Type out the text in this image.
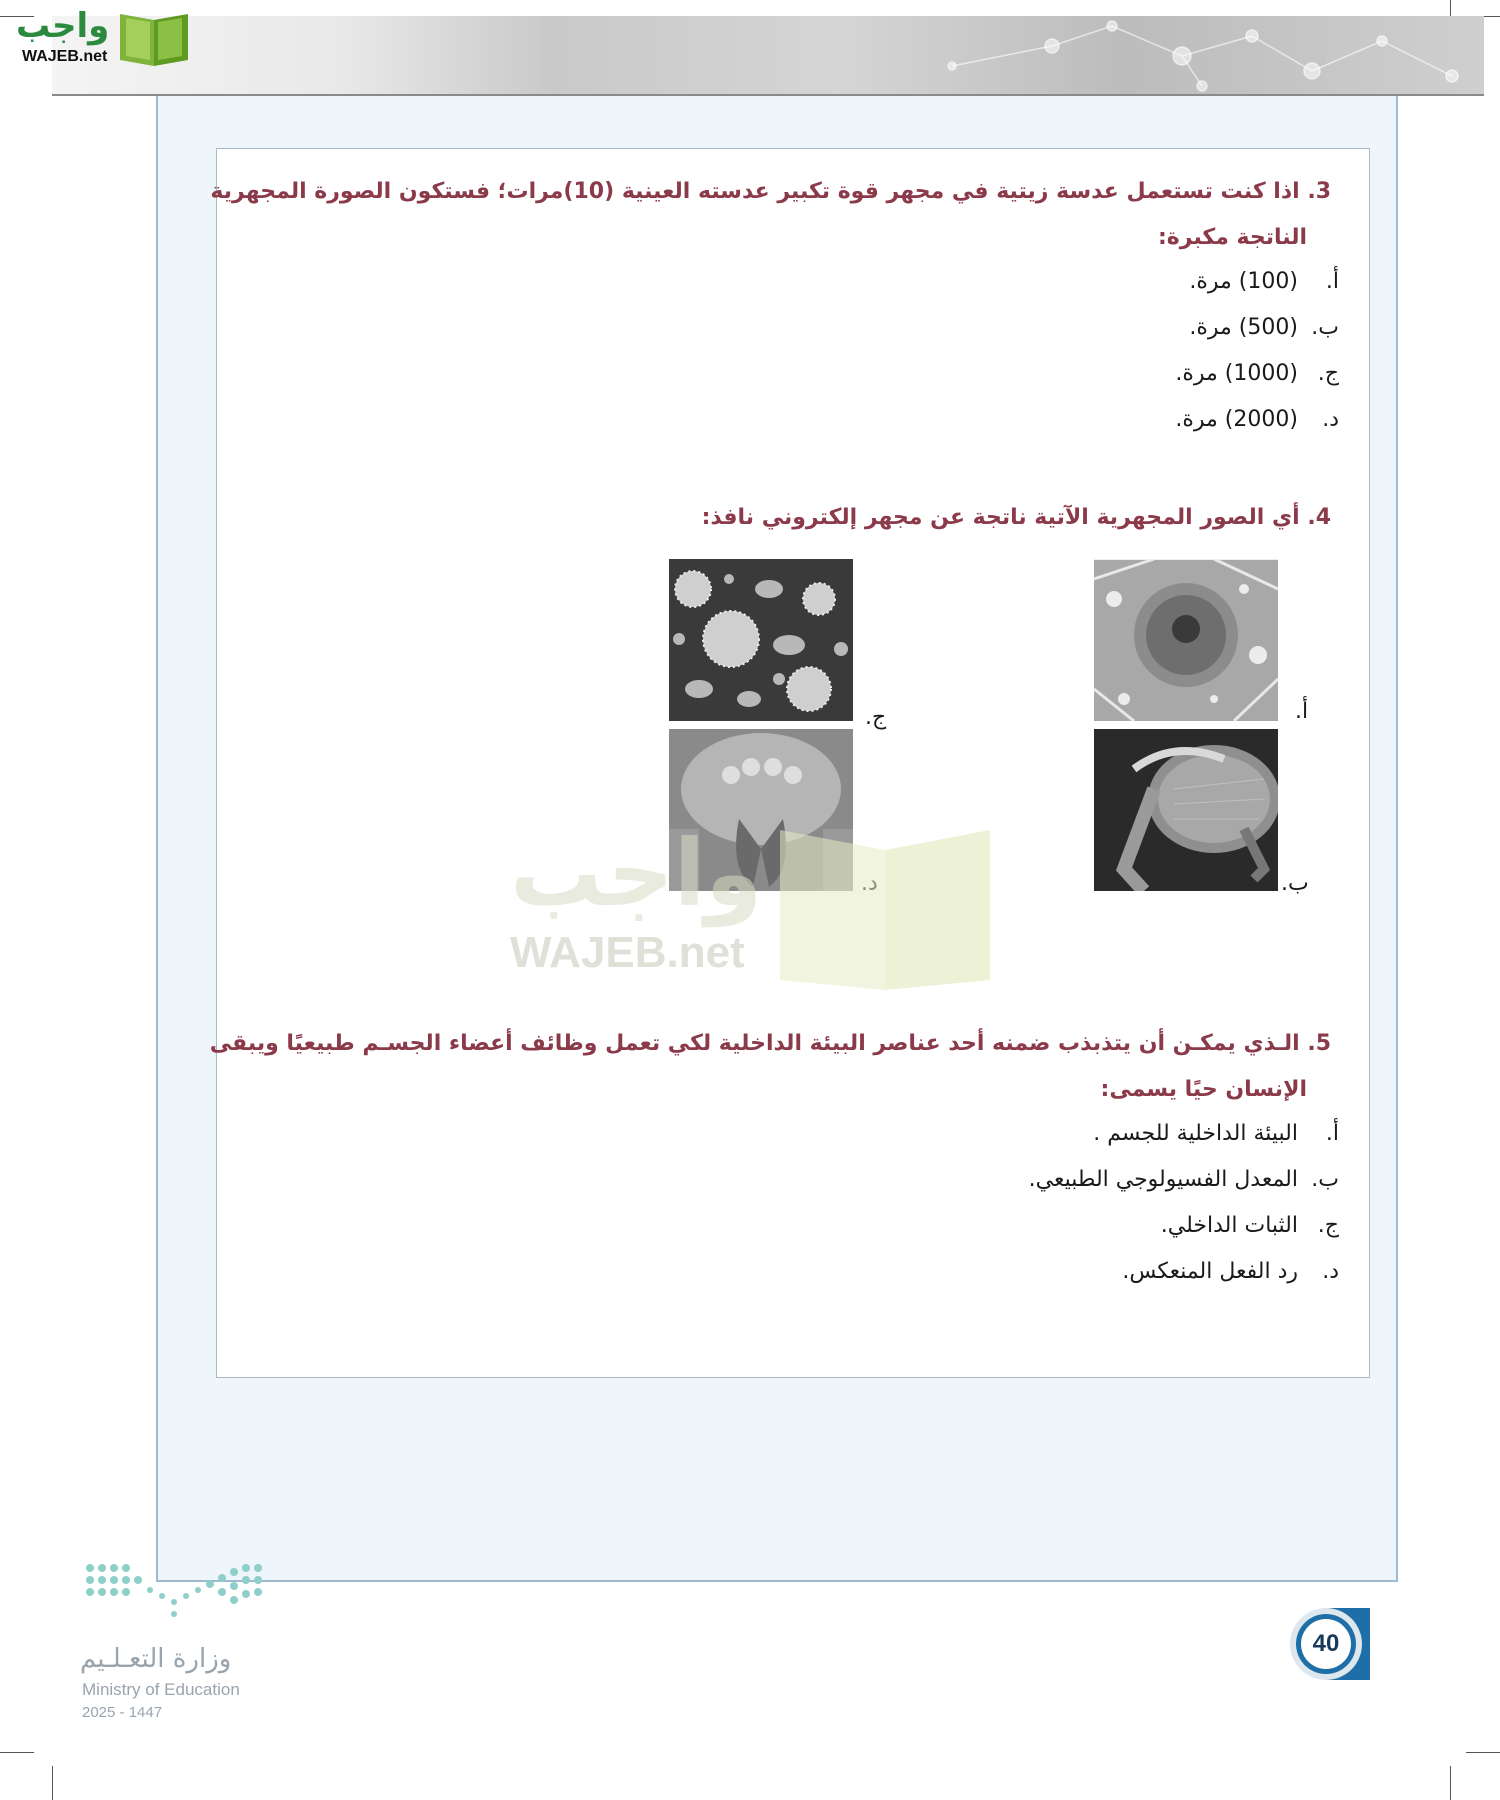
واجب
WAJEB.net
3. اذا كنت تستعمل عدسة زيتية في مجهر قوة تكبير عدسته العينية (10)مرات؛ فستكون الصورة المجهرية
الناتجة مكبرة:
أ. (100) مرة.
ب. (500) مرة.
ج. (1000) مرة.
د. (2000) مرة.
4. أي الصور المجهرية الآتية ناتجة عن مجهر إلكتروني نافذ:
أ.
ب.
ج.
5. الـذي يمكـن أن يتذبذب ضمنه أحد عناصر البيئة الداخلية لكي تعمل وظائف أعضاء الجسـم طبيعيًا ويبقى
الإنسان حيًا يسمى:
أ. البيئة الداخلية للجسم .
ب. المعدل الفسيولوجي الطبيعي.
ج. الثبات الداخلي.
د. رد الفعل المنعكس.
واجب
WAJEB.net
40
وزارة التعـلـيم
Ministry of Education
2025 - 1447
